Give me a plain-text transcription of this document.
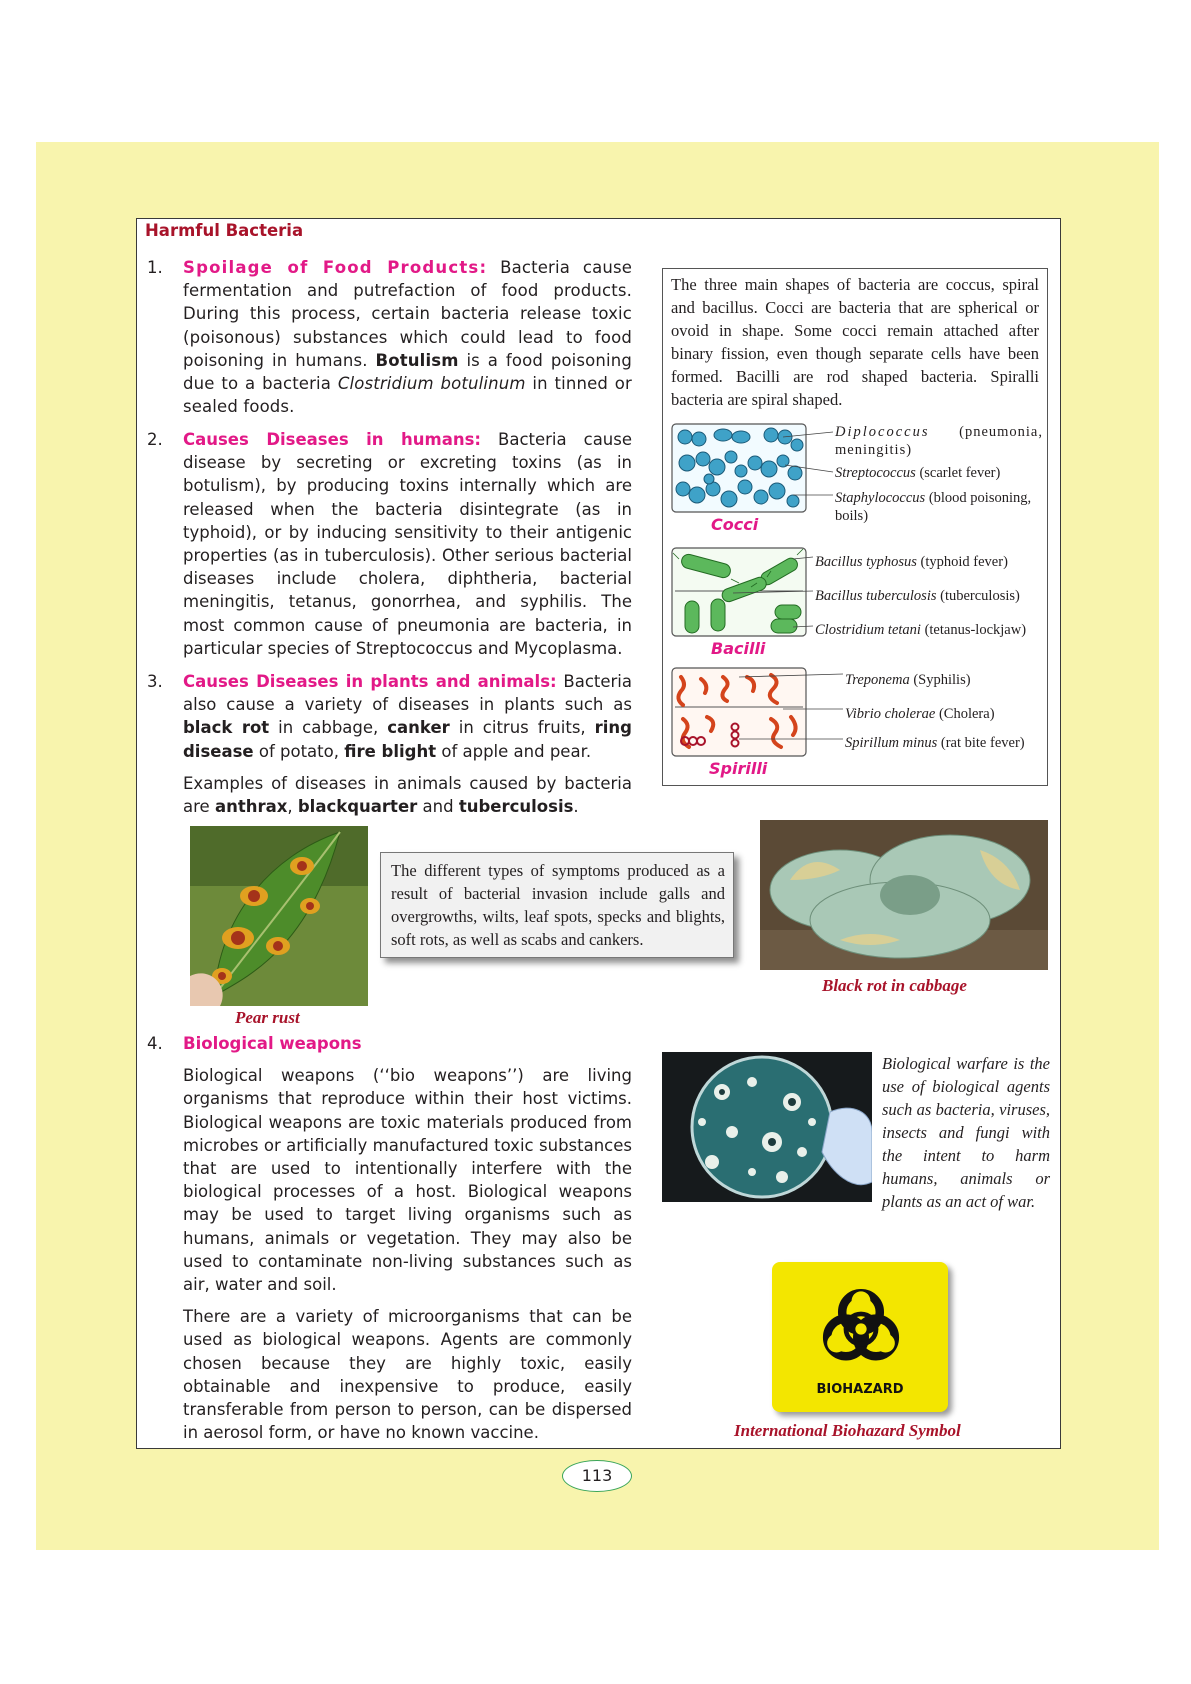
Harmful Bacteria
1. Spoilage of Food Products: Bacteria cause fermentation and putrefaction of food products. During this process, certain bacteria release toxic (poisonous) substances which could lead to food poisoning in humans. Botulism is a food poisoning due to a bacteria Clostridium botulinum in tinned or sealed foods.

2. Causes Diseases in humans: Bacteria cause disease by secreting or excreting toxins (as in botulism), by producing toxins internally which are released when the bacteria disintegrate (as in typhoid), or by inducing sensitivity to their antigenic properties (as in tuberculosis). Other serious bacterial diseases include cholera, diphtheria, bacterial meningitis, tetanus, gonorrhea, and syphilis. The most common cause of pneumonia are bacteria, in particular species of Streptococcus and Mycoplasma.

3. Causes Diseases in plants and animals: Bacteria also cause a variety of diseases in plants such as black rot in cabbage, canker in citrus fruits, ring disease of potato, fire blight of apple and pear.

Examples of diseases in animals caused by bacteria are anthrax, blackquarter and tuberculosis.

The three main shapes of bacteria are coccus, spiral and bacillus. Cocci are bacteria that are spherical or ovoid in shape. Some cocci remain attached after binary fission, even though separate cells have been formed. Bacilli are rod shaped bacteria. Spiralli bacteria are spiral shaped.

Cocci
Bacilli
Spirilli
Diplococcus (pneumonia, meningitis)
Streptococcus (scarlet fever)
Staphylococcus (blood poisoning, boils)
Bacillus typhosus (typhoid fever)
Bacillus tuberculosis (tuberculosis)
Clostridium tetani (tetanus-lockjaw)
Treponema (Syphilis)
Vibrio cholerae (Cholera)
Spirillum minus (rat bite fever)
Pear rust

The different types of symptoms produced as a result of bacterial invasion include galls and overgrowths, wilts, leaf spots, specks and blights, soft rots, as well as scabs and cankers.

Black rot in cabbage
4. Biological weapons

Biological weapons (‘‘bio weapons’’) are living organisms that reproduce within their host victims. Biological weapons are toxic materials produced from microbes or artificially manufactured toxic substances that are used to intentionally interfere with the biological processes of a host. Biological weapons may be used to target living organisms such as humans, animals or vegetation. They may also be used to contaminate non-living substances such as air, water and soil.

There are a variety of microorganisms that can be used as biological weapons. Agents are commonly chosen because they are highly toxic, easily obtainable and inexpensive to produce, easily transferable from person to person, can be dispersed in aerosol form, or have no known vaccine.

Biological warfare is the use of biological agents such as bacteria, viruses, insects and fungi with the intent to harm humans, animals or plants as an act of war.

BIOHAZARD
International Biohazard Symbol
113
